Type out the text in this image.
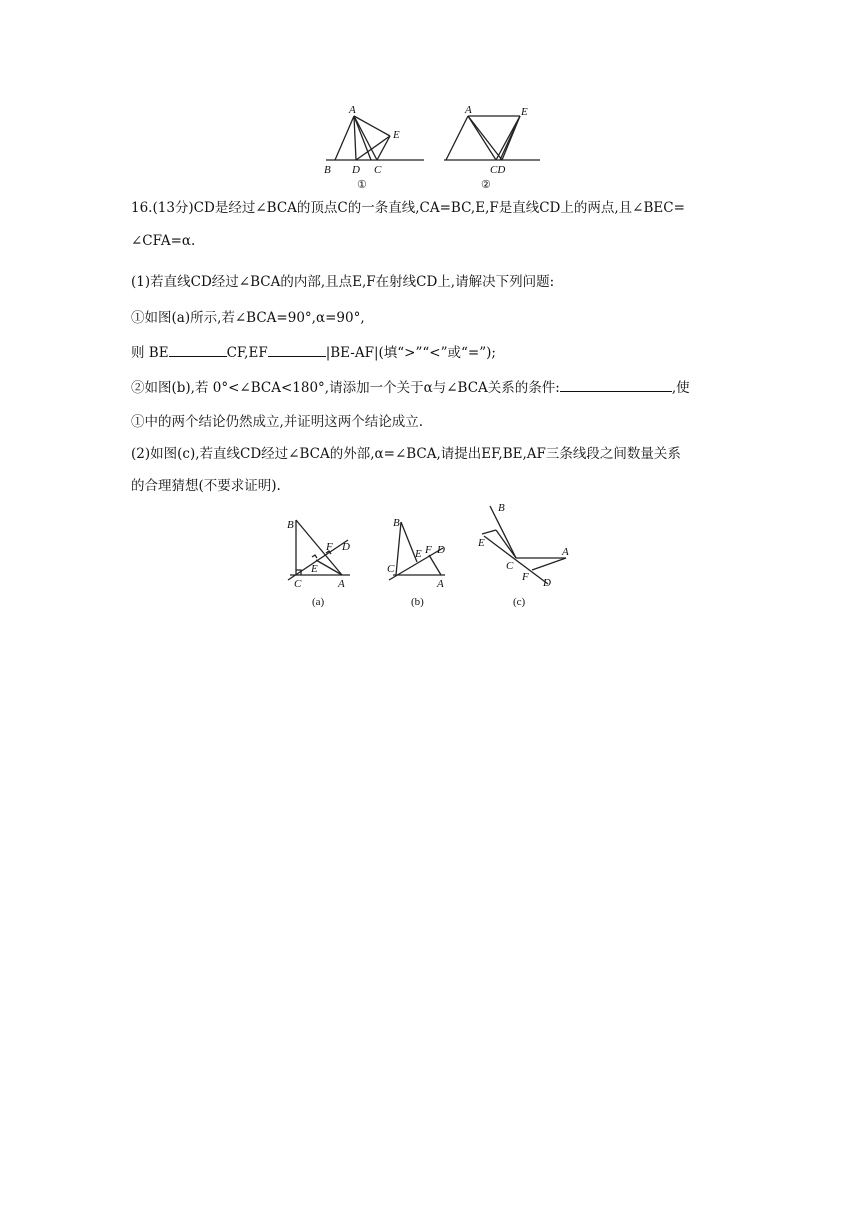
A
E
B D C
①
A	E
CD
②
16.(13分)CD是经过∠BCA的顶点C的一条直线,CA=BC,E,F是直线CD上的两点,且∠BEC=
∠CFA=α.
(1)若直线CD经过∠BCA的内部,且点E,F在射线CD上,请解决下列问题:
①如图(a)所示,若∠BCA=90°,α=90°,
则 BE	CF,EF	|BE-AF|(填“>”“<”或“=”);
②如图(b),若 0°<∠BCA<180°,请添加一个关于α与∠BCA关系的条件:	,使
①中的两个结论仍然成立,并证明这两个结论成立.
(2)如图(c),若直线CD经过∠BCA的外部,α=∠BCA,请提出EF,BE,AF三条线段之间数量关系
的合理猜想(不要求证明).
B
F D
E
C	A
(a)
B
E F D
C
A
(b)
B
E
A
C
F D
(c)
